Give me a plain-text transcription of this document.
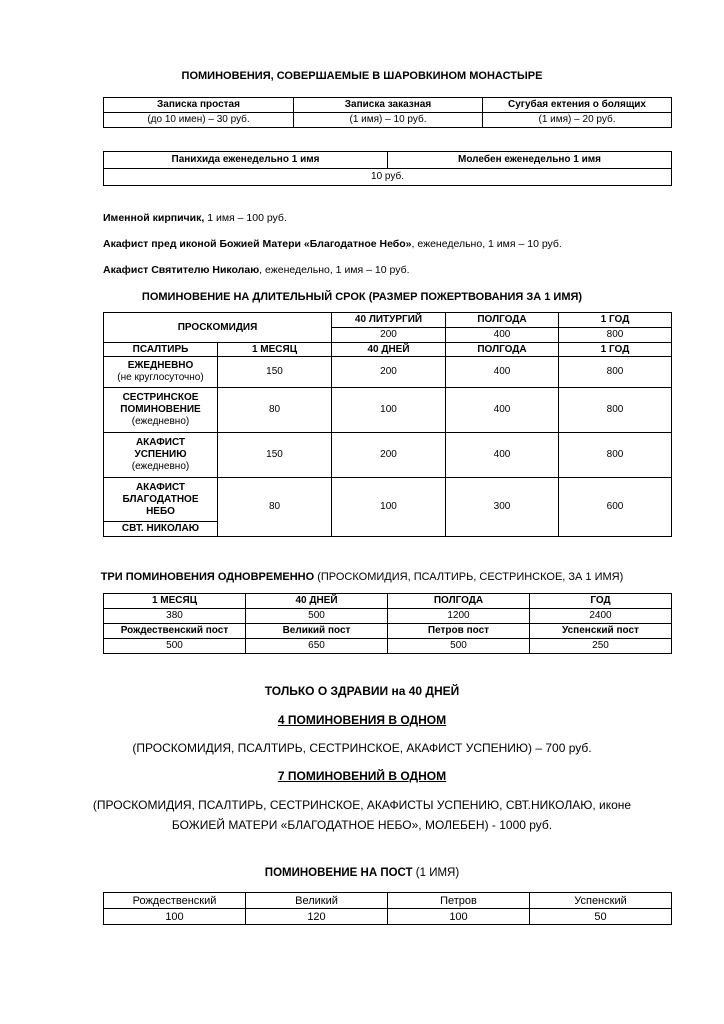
ПОМИНОВЕНИЯ, СОВЕРШАЕМЫЕ В ШАРОВКИНОМ МОНАСТЫРЕ
Записка простая	Записка заказная	Сугубая ектения о болящих
(до 10 имен) – 30 руб.	(1 имя) – 10 руб.	(1 имя) – 20 руб.
Панихида еженедельно 1 имя	Молебен еженедельно 1 имя
10 руб.
Именной кирпичик, 1 имя – 100 руб.
Акафист пред иконой Божией Матери «Благодатное Небо», еженедельно, 1 имя – 10 руб.
Акафист Святителю Николаю, еженедельно, 1 имя – 10 руб.
ПОМИНОВЕНИЕ НА ДЛИТЕЛЬНЫЙ СРОК (РАЗМЕР ПОЖЕРТВОВАНИЯ ЗА 1 ИМЯ)
ПРОСКОМИДИЯ		40 ЛИТУРГИЙ	ПОЛГОДА	1 ГОД
		200	400	800
ПСАЛТИРЬ	1 МЕСЯЦ	40 ДНЕЙ	ПОЛГОДА	1 ГОД
ЕЖЕДНЕВНО
(не круглосуточно)	150	200	400	800
СЕСТРИНСКОЕ
ПОМИНОВЕНИЕ
(ежедневно)	80	100	400	800
АКАФИСТ
УСПЕНИЮ
(ежедневно)	150	200	400	800
АКАФИСТ
БЛАГОДАТНОЕ
НЕБО	80	100	300	600
СВТ. НИКОЛАЮ				
ТРИ ПОМИНОВЕНИЯ ОДНОВРЕМЕННО (ПРОСКОМИДИЯ, ПСАЛТИРЬ, СЕСТРИНСКОЕ, ЗА 1 ИМЯ)
1 МЕСЯЦ	40 ДНЕЙ	ПОЛГОДА	ГОД
380	500	1200	2400
Рождественский пост	Великий пост	Петров пост	Успенский пост
500	650	500	250
ТОЛЬКО О ЗДРАВИИ на 40 ДНЕЙ
4 ПОМИНОВЕНИЯ В ОДНОМ
(ПРОСКОМИДИЯ, ПСАЛТИРЬ, СЕСТРИНСКОЕ, АКАФИСТ УСПЕНИЮ) – 700 руб.
7 ПОМИНОВЕНИЙ В ОДНОМ
(ПРОСКОМИДИЯ, ПСАЛТИРЬ, СЕСТРИНСКОЕ, АКАФИСТЫ УСПЕНИЮ, СВТ.НИКОЛАЮ, иконе БОЖИЕЙ МАТЕРИ «БЛАГОДАТНОЕ НЕБО», МОЛЕБЕН) - 1000 руб.
ПОМИНОВЕНИЕ НА ПОСТ (1 ИМЯ)
Рождественский	Великий	Петров	Успенский
100	120	100	50
